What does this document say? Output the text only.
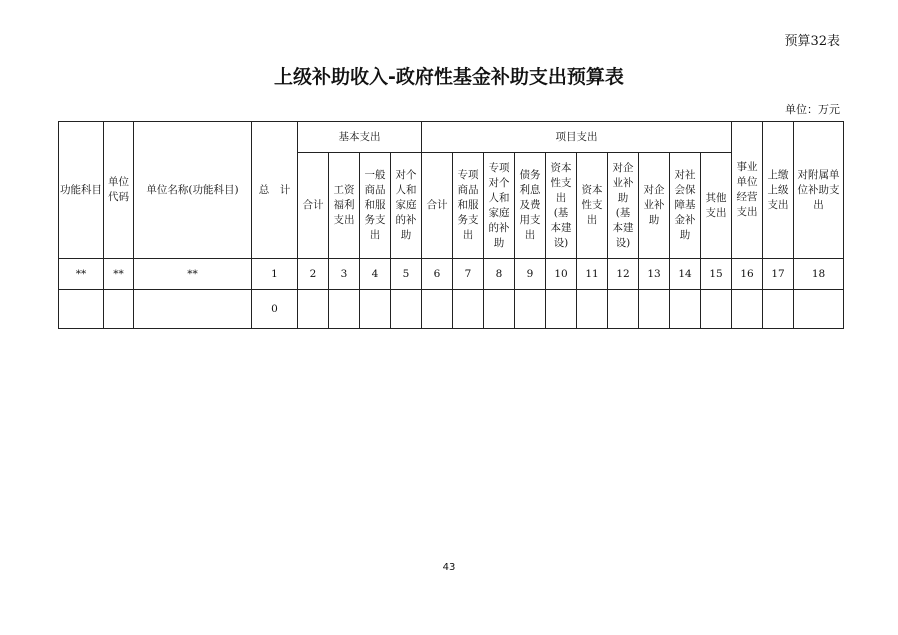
预算32表
上级补助收入-政府性基金补助支出预算表
单位：万元
功能科目	单位代码	单位名称(功能科目)	总　计	基本支出				项目支出										事业单位经营支出	上缴上级支出	对附属单位补助支出
				合计	工资福利支出	一般商品和服务支出	对个人和家庭的补助	合计	专项商品和服务支出	专项对个人和家庭的补助	债务利息及费用支出	资本性支出(基本建设)	资本性支出	对企业补助(基本建设)	对企业补助	对社会保障基金补助	其他支出			
**	**	**	1	2	3	4	5	6	7	8	9	10	11	12	13	14	15	16	17	18
			0																	
43
